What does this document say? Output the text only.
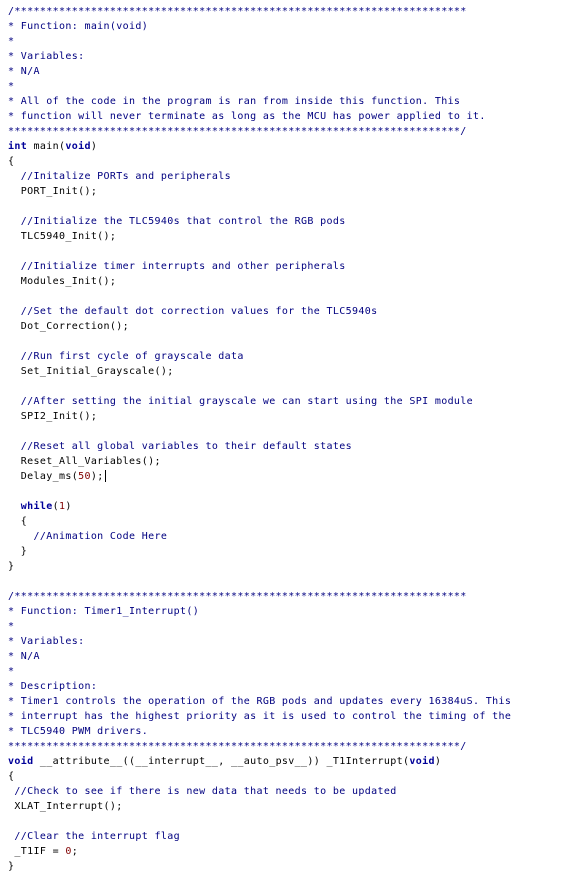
/***********************************************************************
* Function: main(void)
*
* Variables:
* N/A
*
* All of the code in the program is ran from inside this function. This
* function will never terminate as long as the MCU has power applied to it.
***********************************************************************/
int main(void)
{
//Initalize PORTs and peripherals
PORT_Init();
//Initialize the TLC5940s that control the RGB pods
TLC5940_Init();
//Initialize timer interrupts and other peripherals
Modules_Init();
//Set the default dot correction values for the TLC5940s
Dot_Correction();
//Run first cycle of grayscale data
Set_Initial_Grayscale();
//After setting the initial grayscale we can start using the SPI module
SPI2_Init();
//Reset all global variables to their default states
Reset_All_Variables();
Delay_ms(50);
while(1)
{
//Animation Code Here
}
}
/***********************************************************************
* Function: Timer1_Interrupt()
*
* Variables:
* N/A
*
* Description:
* Timer1 controls the operation of the RGB pods and updates every 16384uS. This
* interrupt has the highest priority as it is used to control the timing of the
* TLC5940 PWM drivers.
***********************************************************************/
void __attribute__((__interrupt__, __auto_psv__)) _T1Interrupt(void)
{
//Check to see if there is new data that needs to be updated
XLAT_Interrupt();
//Clear the interrupt flag
_T1IF = 0;
}
